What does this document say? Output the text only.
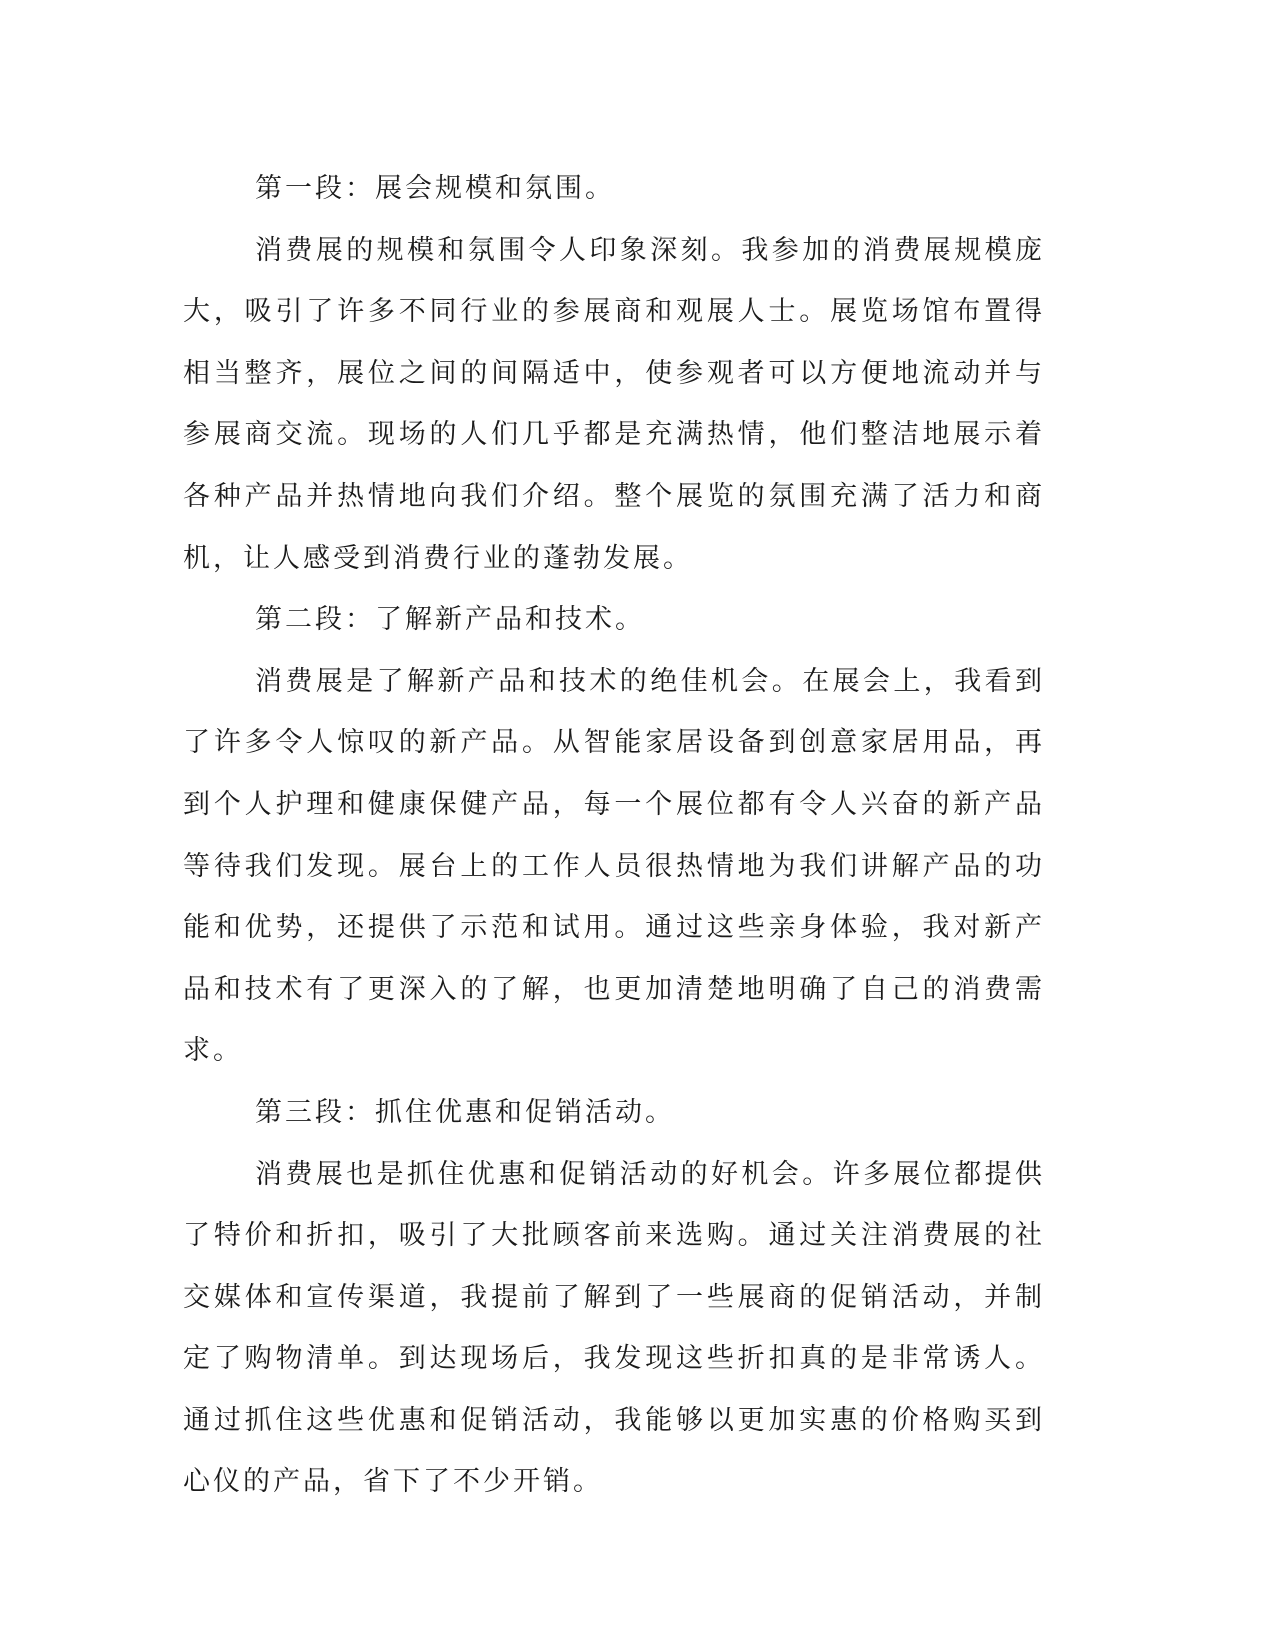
第一段：展会规模和氛围。

消费展的规模和氛围令人印象深刻。我参加的消费展规模庞大，吸引了许多不同行业的参展商和观展人士。展览场馆布置得相当整齐，展位之间的间隔适中，使参观者可以方便地流动并与参展商交流。现场的人们几乎都是充满热情，他们整洁地展示着各种产品并热情地向我们介绍。整个展览的氛围充满了活力和商机，让人感受到消费行业的蓬勃发展。

第二段：了解新产品和技术。

消费展是了解新产品和技术的绝佳机会。在展会上，我看到了许多令人惊叹的新产品。从智能家居设备到创意家居用品，再到个人护理和健康保健产品，每一个展位都有令人兴奋的新产品等待我们发现。展台上的工作人员很热情地为我们讲解产品的功能和优势，还提供了示范和试用。通过这些亲身体验，我对新产品和技术有了更深入的了解，也更加清楚地明确了自己的消费需求。

第三段：抓住优惠和促销活动。

消费展也是抓住优惠和促销活动的好机会。许多展位都提供了特价和折扣，吸引了大批顾客前来选购。通过关注消费展的社交媒体和宣传渠道，我提前了解到了一些展商的促销活动，并制定了购物清单。到达现场后，我发现这些折扣真的是非常诱人。通过抓住这些优惠和促销活动，我能够以更加实惠的价格购买到心仪的产品，省下了不少开销。
